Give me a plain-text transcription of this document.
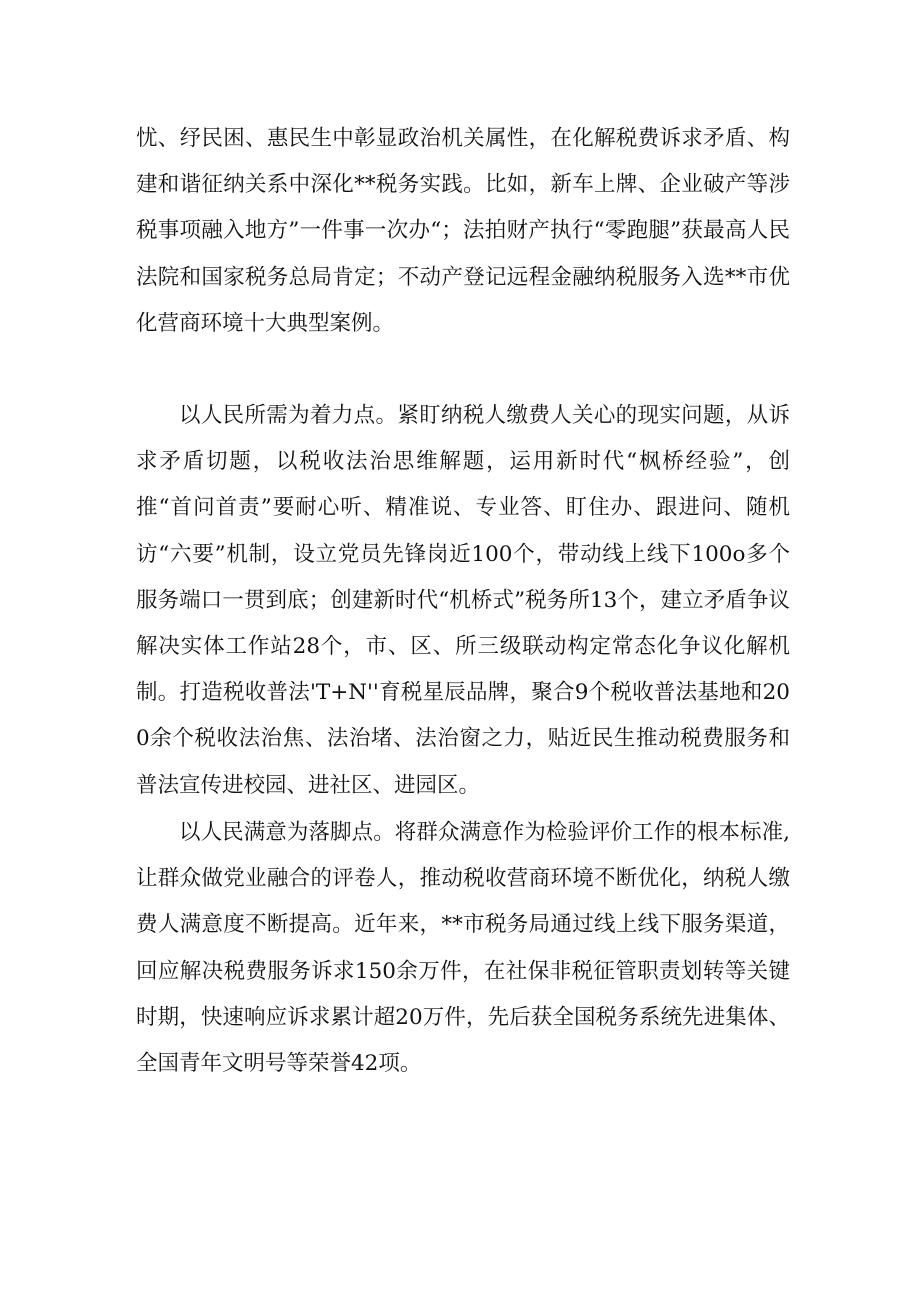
忧、纾民困、惠民生中彰显政治机关属性，在化解税费诉求矛盾、构建和谐征纳关系中深化**税务实践。比如，新车上牌、企业破产等涉税事项融入地方”一件事一次办“；法拍财产执行“零跑腿”获最高人民法院和国家税务总局肯定；不动产登记远程金融纳税服务入选**市优化营商环境十大典型案例。

以人民所需为着力点。紧盯纳税人缴费人关心的现实问题，从诉求矛盾切题，以税收法治思维解题，运用新时代“枫桥经验”，创推“首问首责”要耐心听、精准说、专业答、盯住办、跟进问、随机访“六要”机制，设立党员先锋岗近100个，带动线上线下100o多个服务端口一贯到底；创建新时代“机桥式”税务所13个，建立矛盾争议解决实体工作站28个，市、区、所三级联动构定常态化争议化解机制。打造税收普法'T+N''育税星辰品牌，聚合9个税收普法基地和200余个税收法治焦、法治堵、法治窗之力，贴近民生推动税费服务和普法宣传进校园、进社区、进园区。

以人民满意为落脚点。将群众满意作为检验评价工作的根本标准,让群众做党业融合的评卷人，推动税收营商环境不断优化，纳税人缴费人满意度不断提高。近年来，**市税务局通过线上线下服务渠道，回应解决税费服务诉求150余万件，在社保非税征管职责划转等关键时期，快速响应诉求累计超20万件，先后获全国税务系统先进集体、全国青年文明号等荣誉42项。
